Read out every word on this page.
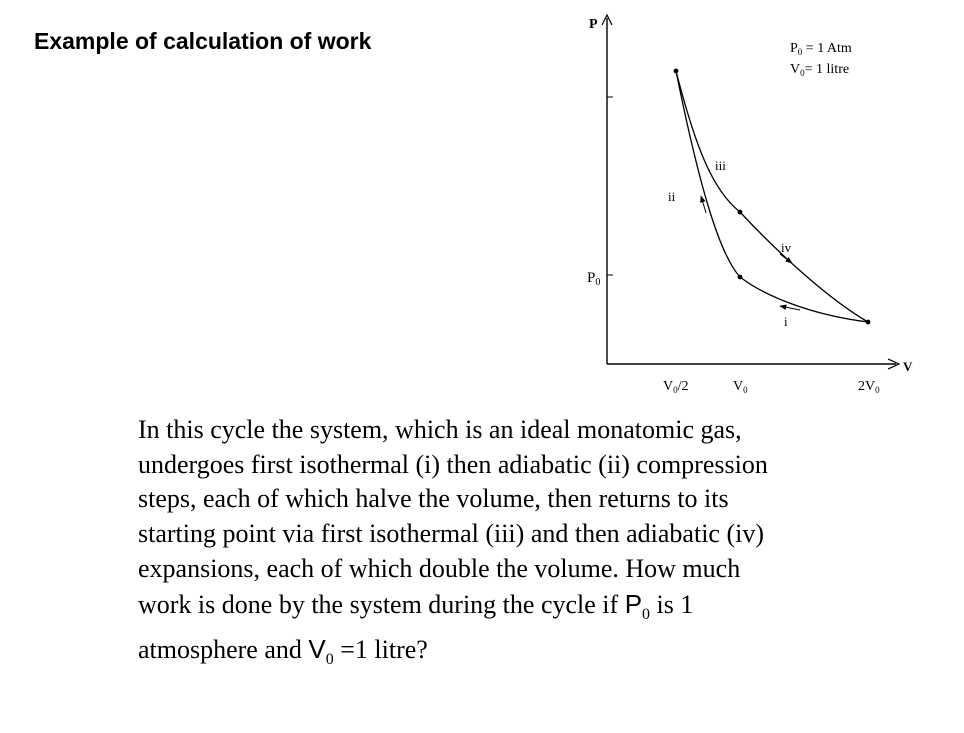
Example of calculation of work
P
V
$P_0$
$P_0 = 1$ Atm
$V_0= 1$ litre
$V_0/2$	$V_0$	$2V_0$
i
ii
iii
iv
In this cycle the system, which is an ideal monatomic gas,
undergoes first isothermal (i) then adiabatic (ii) compression
steps, each of which halve the volume, then returns to its
starting point via first isothermal (iii) and then adiabatic (iv)
expansions, each of which double the volume. How much
work is done by the system during the cycle if $P_0$ is 1
atmosphere and $V_0 =1$ litre?
